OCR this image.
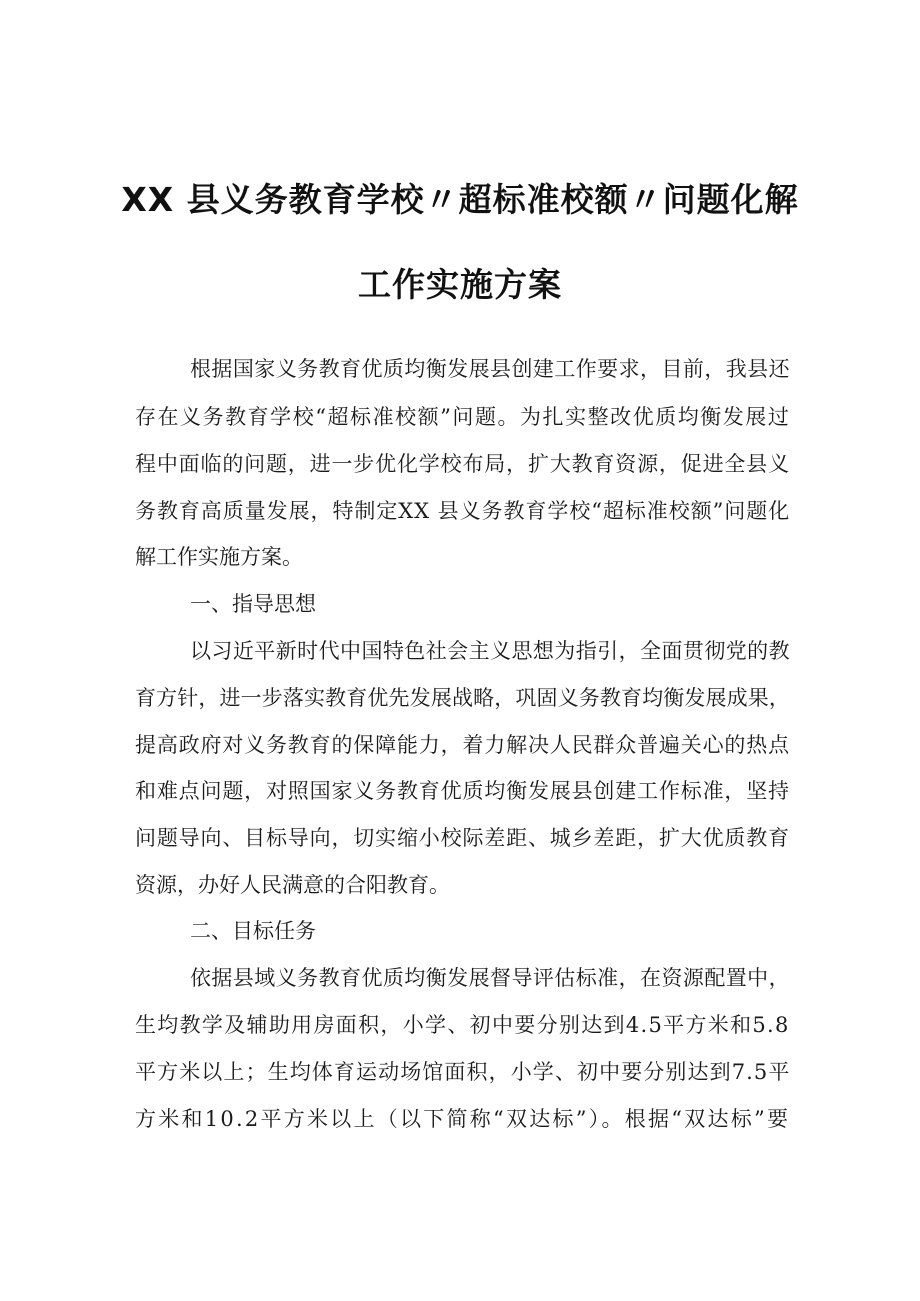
XX 县义务教育学校〃超标准校额〃问题化解
工作实施方案
根据国家义务教育优质均衡发展县创建工作要求，目前，我县还
存在义务教育学校“超标准校额”问题。为扎实整改优质均衡发展过
程中面临的问题，进一步优化学校布局，扩大教育资源，促进全县义
务教育高质量发展，特制定XX 县义务教育学校“超标准校额”问题化
解工作实施方案。
一、指导思想
以习近平新时代中国特色社会主义思想为指引，全面贯彻党的教
育方针，进一步落实教育优先发展战略，巩固义务教育均衡发展成果，
提高政府对义务教育的保障能力，着力解决人民群众普遍关心的热点
和难点问题，对照国家义务教育优质均衡发展县创建工作标准，坚持
问题导向、目标导向，切实缩小校际差距、城乡差距，扩大优质教育
资源，办好人民满意的合阳教育。
二、目标任务
依据县域义务教育优质均衡发展督导评估标准，在资源配置中，
生均教学及辅助用房面积，小学、初中要分别达到4.5平方米和5.8
平方米以上；生均体育运动场馆面积，小学、初中要分别达到7.5平
方米和10.2平方米以上（以下简称“双达标”）。根据“双达标”要
